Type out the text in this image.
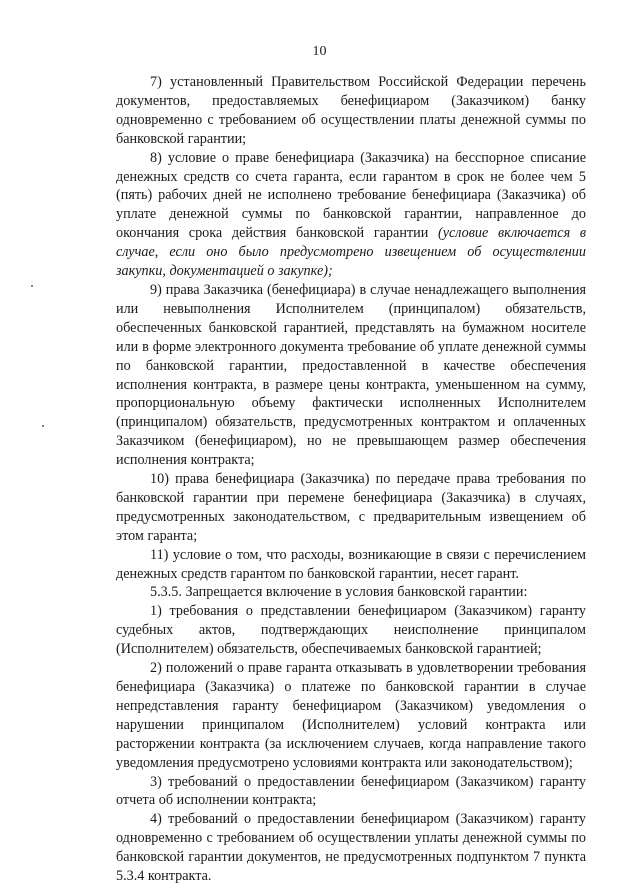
10

7) установленный Правительством Российской Федерации перечень документов, предоставляемых бенефициаром (Заказчиком) банку одновременно с требованием об осуществлении платы денежной суммы по банковской гарантии;

8) условие о праве бенефициара (Заказчика) на бесспорное списание денежных средств со счета гаранта, если гарантом в срок не более чем 5 (пять) рабочих дней не исполнено требование бенефициара (Заказчика) об уплате денежной суммы по банковской гарантии, направленное до окончания срока действия банковской гарантии (условие включается в случае, если оно было предусмотрено извещением об осуществлении закупки, документацией о закупке);

9) права Заказчика (бенефициара) в случае ненадлежащего выполнения или невыполнения Исполнителем (принципалом) обязательств, обеспеченных банковской гарантией, представлять на бумажном носителе или в форме электронного документа требование об уплате денежной суммы по банковской гарантии, предоставленной в качестве обеспечения исполнения контракта, в размере цены контракта, уменьшенном на сумму, пропорциональную объему фактически исполненных Исполнителем (принципалом) обязательств, предусмотренных контрактом и оплаченных Заказчиком (бенефициаром), но не превышающем размер обеспечения исполнения контракта;

10) права бенефициара (Заказчика) по передаче права требования по банковской гарантии при перемене бенефициара (Заказчика) в случаях, предусмотренных законодательством, с предварительным извещением об этом гаранта;

11) условие о том, что расходы, возникающие в связи с перечислением денежных средств гарантом по банковской гарантии, несет гарант.

5.3.5. Запрещается включение в условия банковской гарантии:

1) требования о представлении бенефициаром (Заказчиком) гаранту судебных актов, подтверждающих неисполнение принципалом (Исполнителем) обязательств, обеспечиваемых банковской гарантией;

2) положений о праве гаранта отказывать в удовлетворении требования бенефициара (Заказчика) о платеже по банковской гарантии в случае непредставления гаранту бенефициаром (Заказчиком) уведомления о нарушении принципалом (Исполнителем) условий контракта или расторжении контракта (за исключением случаев, когда направление такого уведомления предусмотрено условиями контракта или законодательством);

3) требований о предоставлении бенефициаром (Заказчиком) гаранту отчета об исполнении контракта;

4) требований о предоставлении бенефициаром (Заказчиком) гаранту одновременно с требованием об осуществлении уплаты денежной суммы по банковской гарантии документов, не предусмотренных подпунктом 7 пункта 5.3.4 контракта.
